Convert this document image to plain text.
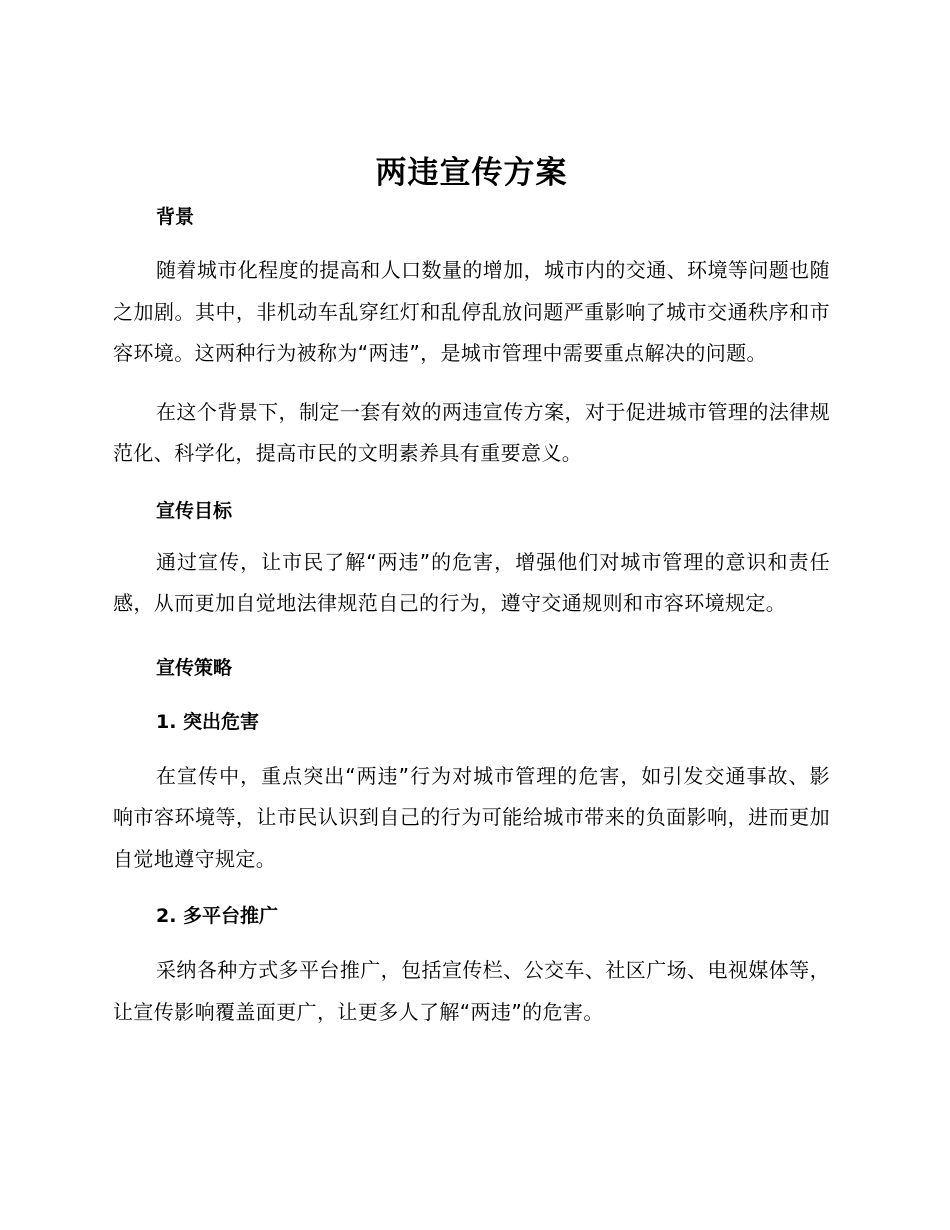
两违宣传方案
背景

随着城市化程度的提高和人口数量的增加，城市内的交通、环境等问题也随之加剧。其中，非机动车乱穿红灯和乱停乱放问题严重影响了城市交通秩序和市容环境。这两种行为被称为“两违”，是城市管理中需要重点解决的问题。

在这个背景下，制定一套有效的两违宣传方案，对于促进城市管理的法律规范化、科学化，提高市民的文明素养具有重要意义。

宣传目标

通过宣传，让市民了解“两违”的危害，增强他们对城市管理的意识和责任感，从而更加自觉地法律规范自己的行为，遵守交通规则和市容环境规定。

宣传策略
1. 突出危害

在宣传中，重点突出“两违”行为对城市管理的危害，如引发交通事故、影响市容环境等，让市民认识到自己的行为可能给城市带来的负面影响，进而更加自觉地遵守规定。

2. 多平台推广

采纳各种方式多平台推广，包括宣传栏、公交车、社区广场、电视媒体等，让宣传影响覆盖面更广，让更多人了解“两违”的危害。
